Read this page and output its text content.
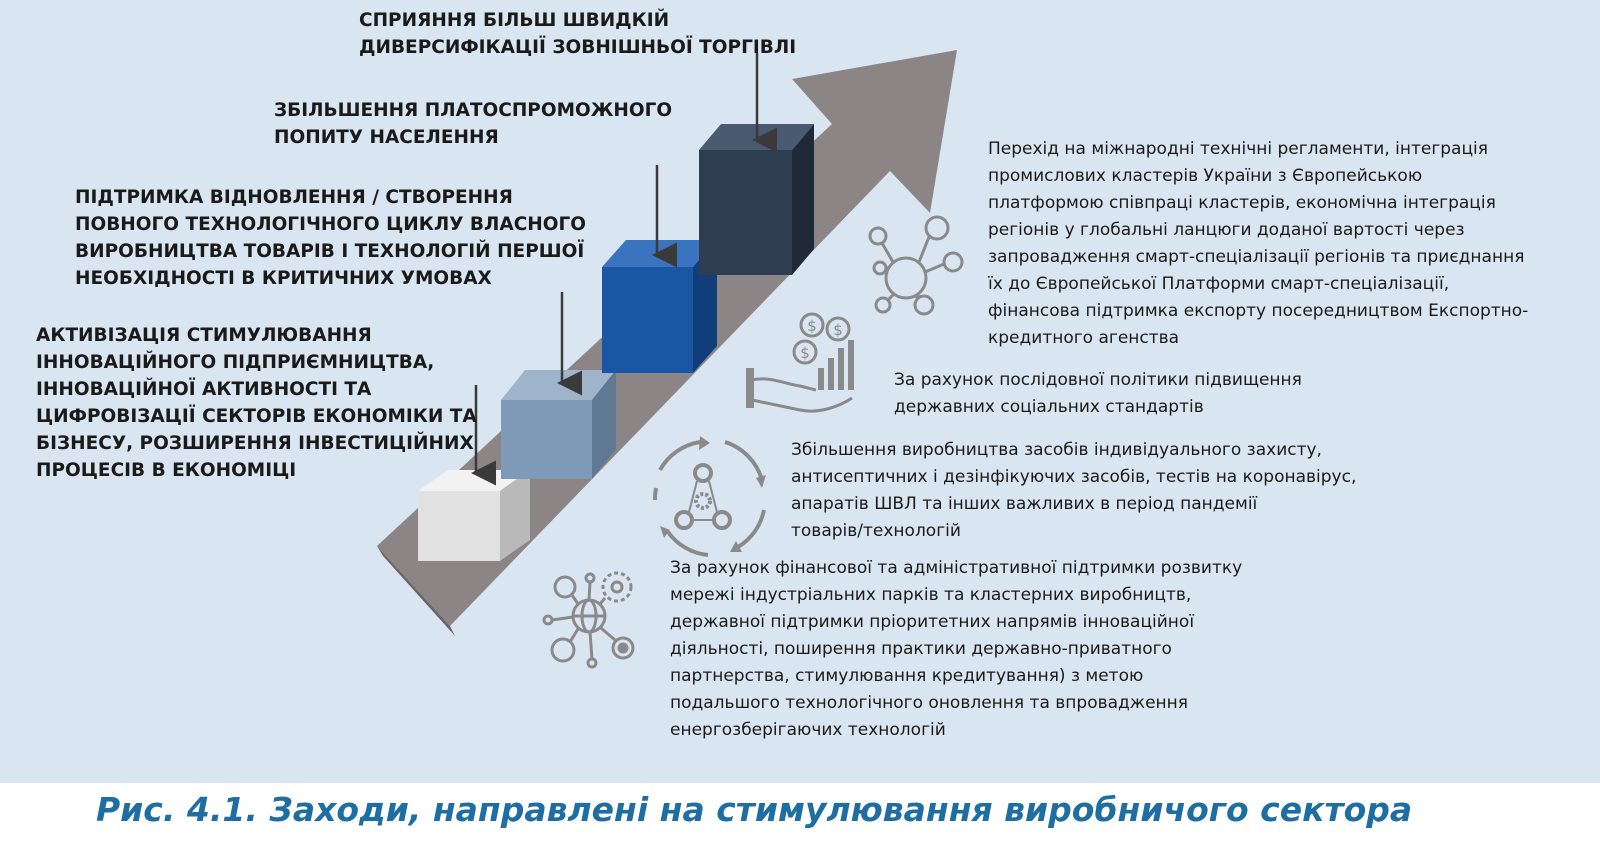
$ $
$
СПРИЯННЯ БІЛЬШ ШВИДКІЙ
ДИВЕРСИФІКАЦІЇ ЗОВНІШНЬОЇ ТОРГІВЛІ
ЗБІЛЬШЕННЯ ПЛАТОСПРОМОЖНОГО
ПОПИТУ НАСЕЛЕННЯ
ПІДТРИМКА ВІДНОВЛЕННЯ / СТВОРЕННЯ
ПОВНОГО ТЕХНОЛОГІЧНОГО ЦИКЛУ ВЛАСНОГО
ВИРОБНИЦТВА ТОВАРІВ І ТЕХНОЛОГІЙ ПЕРШОЇ
НЕОБХІДНОСТІ В КРИТИЧНИХ УМОВАХ
АКТИВІЗАЦІЯ СТИМУЛЮВАННЯ
ІННОВАЦІЙНОГО ПІДПРИЄМНИЦТВА,
ІННОВАЦІЙНОЇ АКТИВНОСТІ ТА
ЦИФРОВІЗАЦІЇ СЕКТОРІВ ЕКОНОМІКИ ТА
БІЗНЕСУ, РОЗШИРЕННЯ ІНВЕСТИЦІЙНИХ
ПРОЦЕСІВ В ЕКОНОМІЦІ
Перехід на міжнародні технічні регламенти, інтеграція
промислових кластерів України з Європейською
платформою співпраці кластерів, економічна інтеграція
регіонів у глобальні ланцюги доданої вартості через
запровадження смарт-спеціалізації регіонів та приєднання
їх до Європейської Платформи смарт-спеціалізації,
фінансова підтримка експорту посередництвом Експортно-
кредитного агенства
За рахунок послідовної політики підвищення
державних соціальних стандартів
Збільшення виробництва засобів індивідуального захисту,
антисептичних і дезінфікуючих засобів, тестів на коронавірус,
апаратів ШВЛ та інших важливих в період пандемії
товарів/технологій
За рахунок фінансової та адміністративної підтримки розвитку
мережі індустріальних парків та кластерних виробництв,
державної підтримки пріоритетних напрямів інноваційної
діяльності, поширення практики державно-приватного
партнерства, стимулювання кредитування) з метою
подальшого технологічного оновлення та впровадження
енергозберігаючих технологій
Рис. 4.1. Заходи, направлені на стимулювання виробничого сектора
